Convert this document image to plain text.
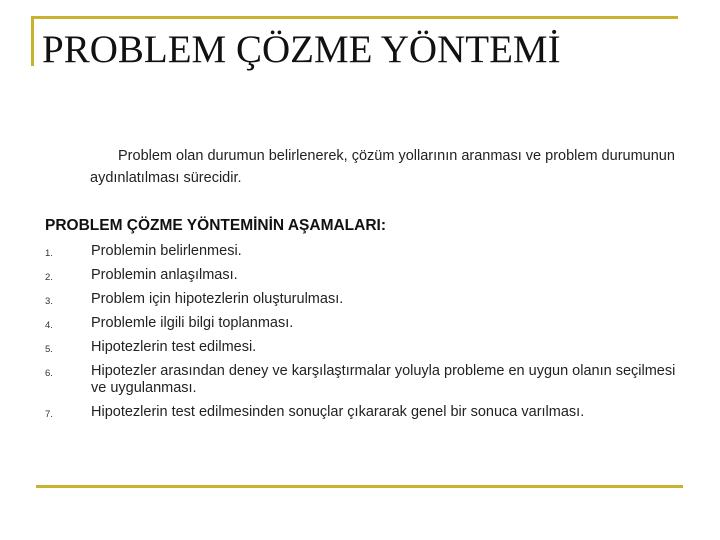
PROBLEM ÇÖZME YÖNTEMİ

Problem olan durumun belirlenerek, çözüm yollarının aranması ve problem durumunun aydınlatılması sürecidir.

PROBLEM ÇÖZME YÖNTEMİNİN AŞAMALARI:
1.	Problemin belirlenmesi.
2.	Problemin anlaşılması.
3.	Problem için hipotezlerin oluşturulması.
4.	Problemle ilgili bilgi toplanması.
5.	Hipotezlerin test edilmesi.
6.	Hipotezler arasından deney ve karşılaştırmalar yoluyla probleme en uygun olanın seçilmesi ve uygulanması.
7.	Hipotezlerin test edilmesinden sonuçlar çıkararak genel bir sonuca varılması.
